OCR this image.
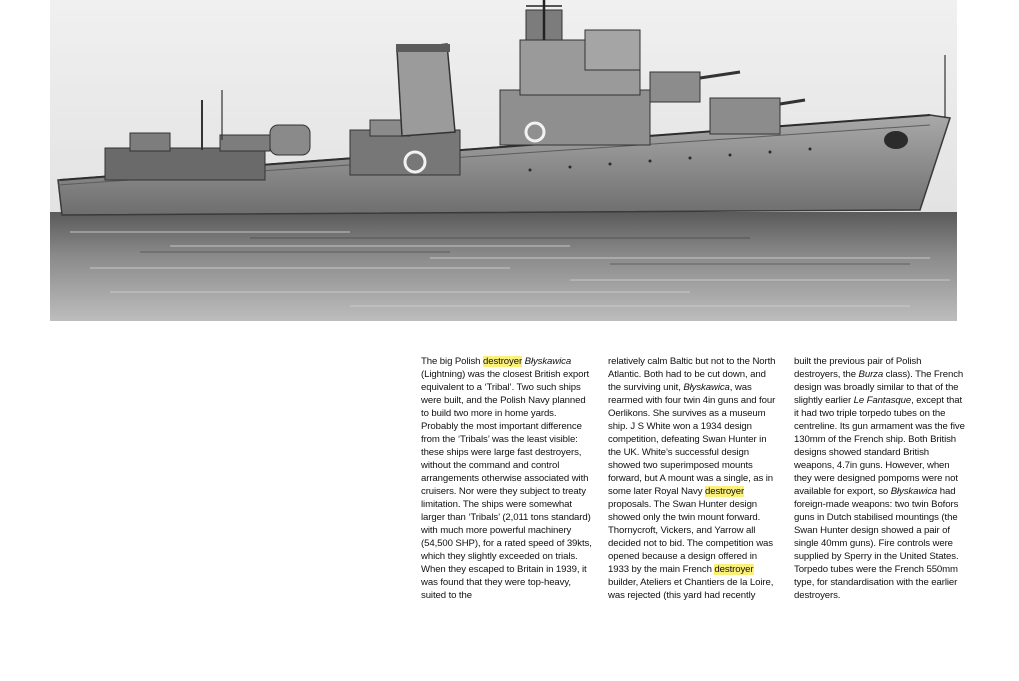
The big Polish destroyer Błyskawica (Lightning) was the closest British export equivalent to a ‘Tribal’. Two such ships were built, and the Polish Navy planned to build two more in home yards. Probably the most important difference from the ‘Tribals’ was the least visible: these ships were large fast destroyers, without the command and control arrangements otherwise associated with cruisers. Nor were they subject to treaty limitation. The ships were somewhat larger than ‘Tribals’ (2,011 tons standard) with much more powerful machinery (54,500 SHP), for a rated speed of 39kts, which they slightly exceeded on trials. When they escaped to Britain in 1939, it was found that they were top-heavy, suited to the

relatively calm Baltic but not to the North Atlantic. Both had to be cut down, and the surviving unit, Błyskawica, was rearmed with four twin 4in guns and four Oerlikons. She survives as a museum ship. J S White won a 1934 design competition, defeating Swan Hunter in the UK. White’s successful design showed two superimposed mounts forward, but A mount was a single, as in some later Royal Navy destroyer proposals. The Swan Hunter design showed only the twin mount forward. Thornycroft, Vickers, and Yarrow all decided not to bid. The competition was opened because a design offered in 1933 by the main French destroyer builder, Ateliers et Chantiers de la Loire, was rejected (this yard had recently

built the previous pair of Polish destroyers, the Burza class). The French design was broadly similar to that of the slightly earlier Le Fantasque, except that it had two triple torpedo tubes on the centreline. Its gun armament was the five 130mm of the French ship. Both British designs showed standard British weapons, 4.7in guns. However, when they were designed pompoms were not available for export, so Błyskawica had foreign-made weapons: two twin Bofors guns in Dutch stabilised mountings (the Swan Hunter design showed a pair of single 40mm guns). Fire controls were supplied by Sperry in the United States. Torpedo tubes were the French 550mm type, for standardisation with the earlier destroyers.
